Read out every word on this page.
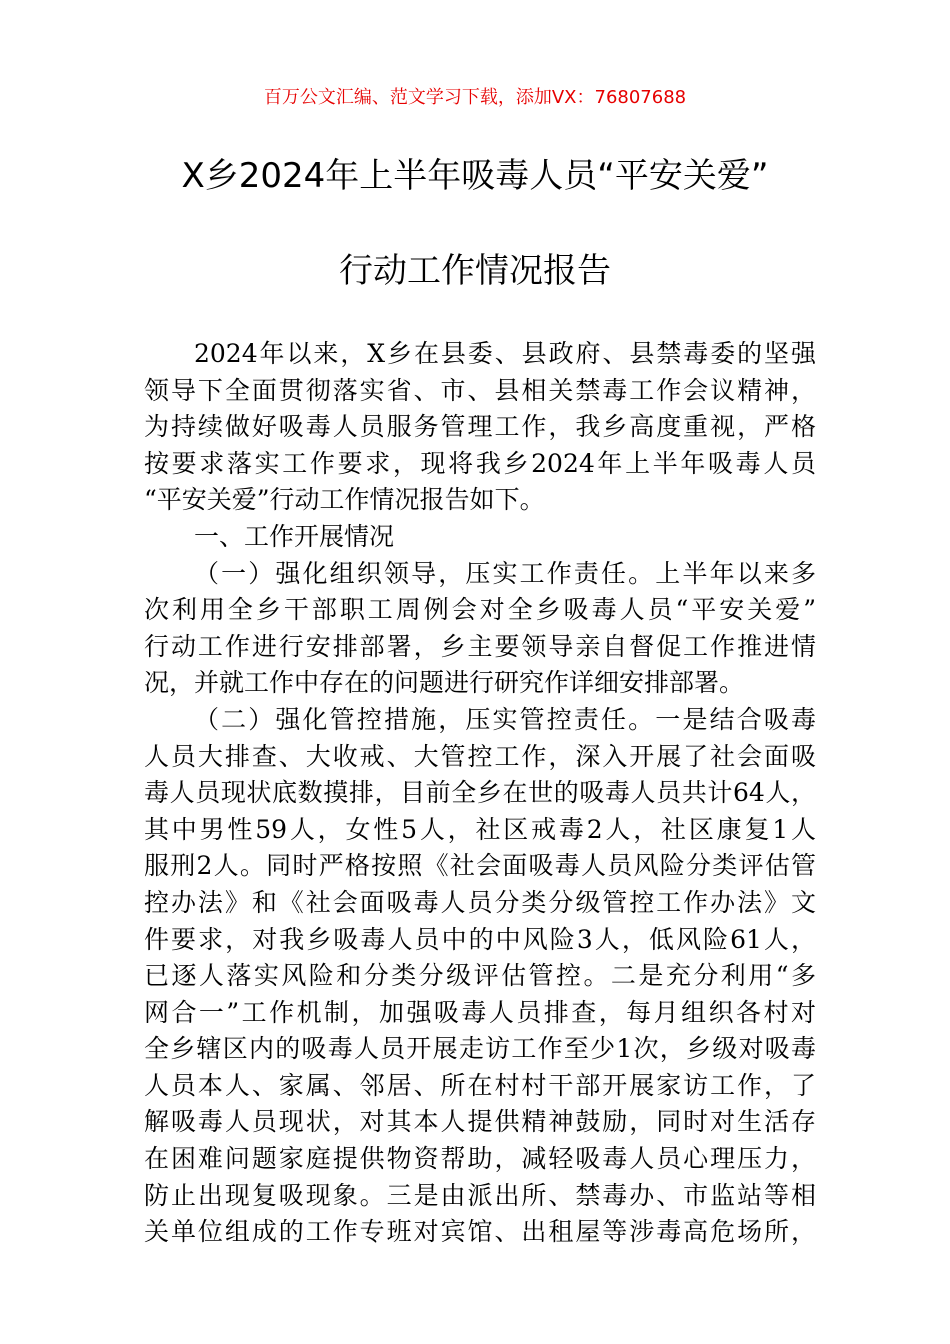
百万公文汇编、范文学习下载，添加VX：76807688
X乡2024年上半年吸毒人员“平安关爱”
行动工作情况报告
2024年以来，X乡在县委、县政府、县禁毒委的坚强
领导下全面贯彻落实省、市、县相关禁毒工作会议精神，
为持续做好吸毒人员服务管理工作，我乡高度重视，严格
按要求落实工作要求，现将我乡2024年上半年吸毒人员
“平安关爱”行动工作情况报告如下。
一、工作开展情况
（一）强化组织领导，压实工作责任。上半年以来多
次利用全乡干部职工周例会对全乡吸毒人员“平安关爱”
行动工作进行安排部署，乡主要领导亲自督促工作推进情
况，并就工作中存在的问题进行研究作详细安排部署。
（二）强化管控措施，压实管控责任。一是结合吸毒
人员大排查、大收戒、大管控工作，深入开展了社会面吸
毒人员现状底数摸排，目前全乡在世的吸毒人员共计64人，
其中男性59人，女性5人，社区戒毒2人，社区康复1人
服刑2人。同时严格按照《社会面吸毒人员风险分类评估管
控办法》和《社会面吸毒人员分类分级管控工作办法》文
件要求，对我乡吸毒人员中的中风险3人，低风险61人，
已逐人落实风险和分类分级评估管控。二是充分利用“多
网合一”工作机制，加强吸毒人员排查，每月组织各村对
全乡辖区内的吸毒人员开展走访工作至少1次，乡级对吸毒
人员本人、家属、邻居、所在村村干部开展家访工作，了
解吸毒人员现状，对其本人提供精神鼓励，同时对生活存
在困难问题家庭提供物资帮助，减轻吸毒人员心理压力，
防止出现复吸现象。三是由派出所、禁毒办、市监站等相
关单位组成的工作专班对宾馆、出租屋等涉毒高危场所，
